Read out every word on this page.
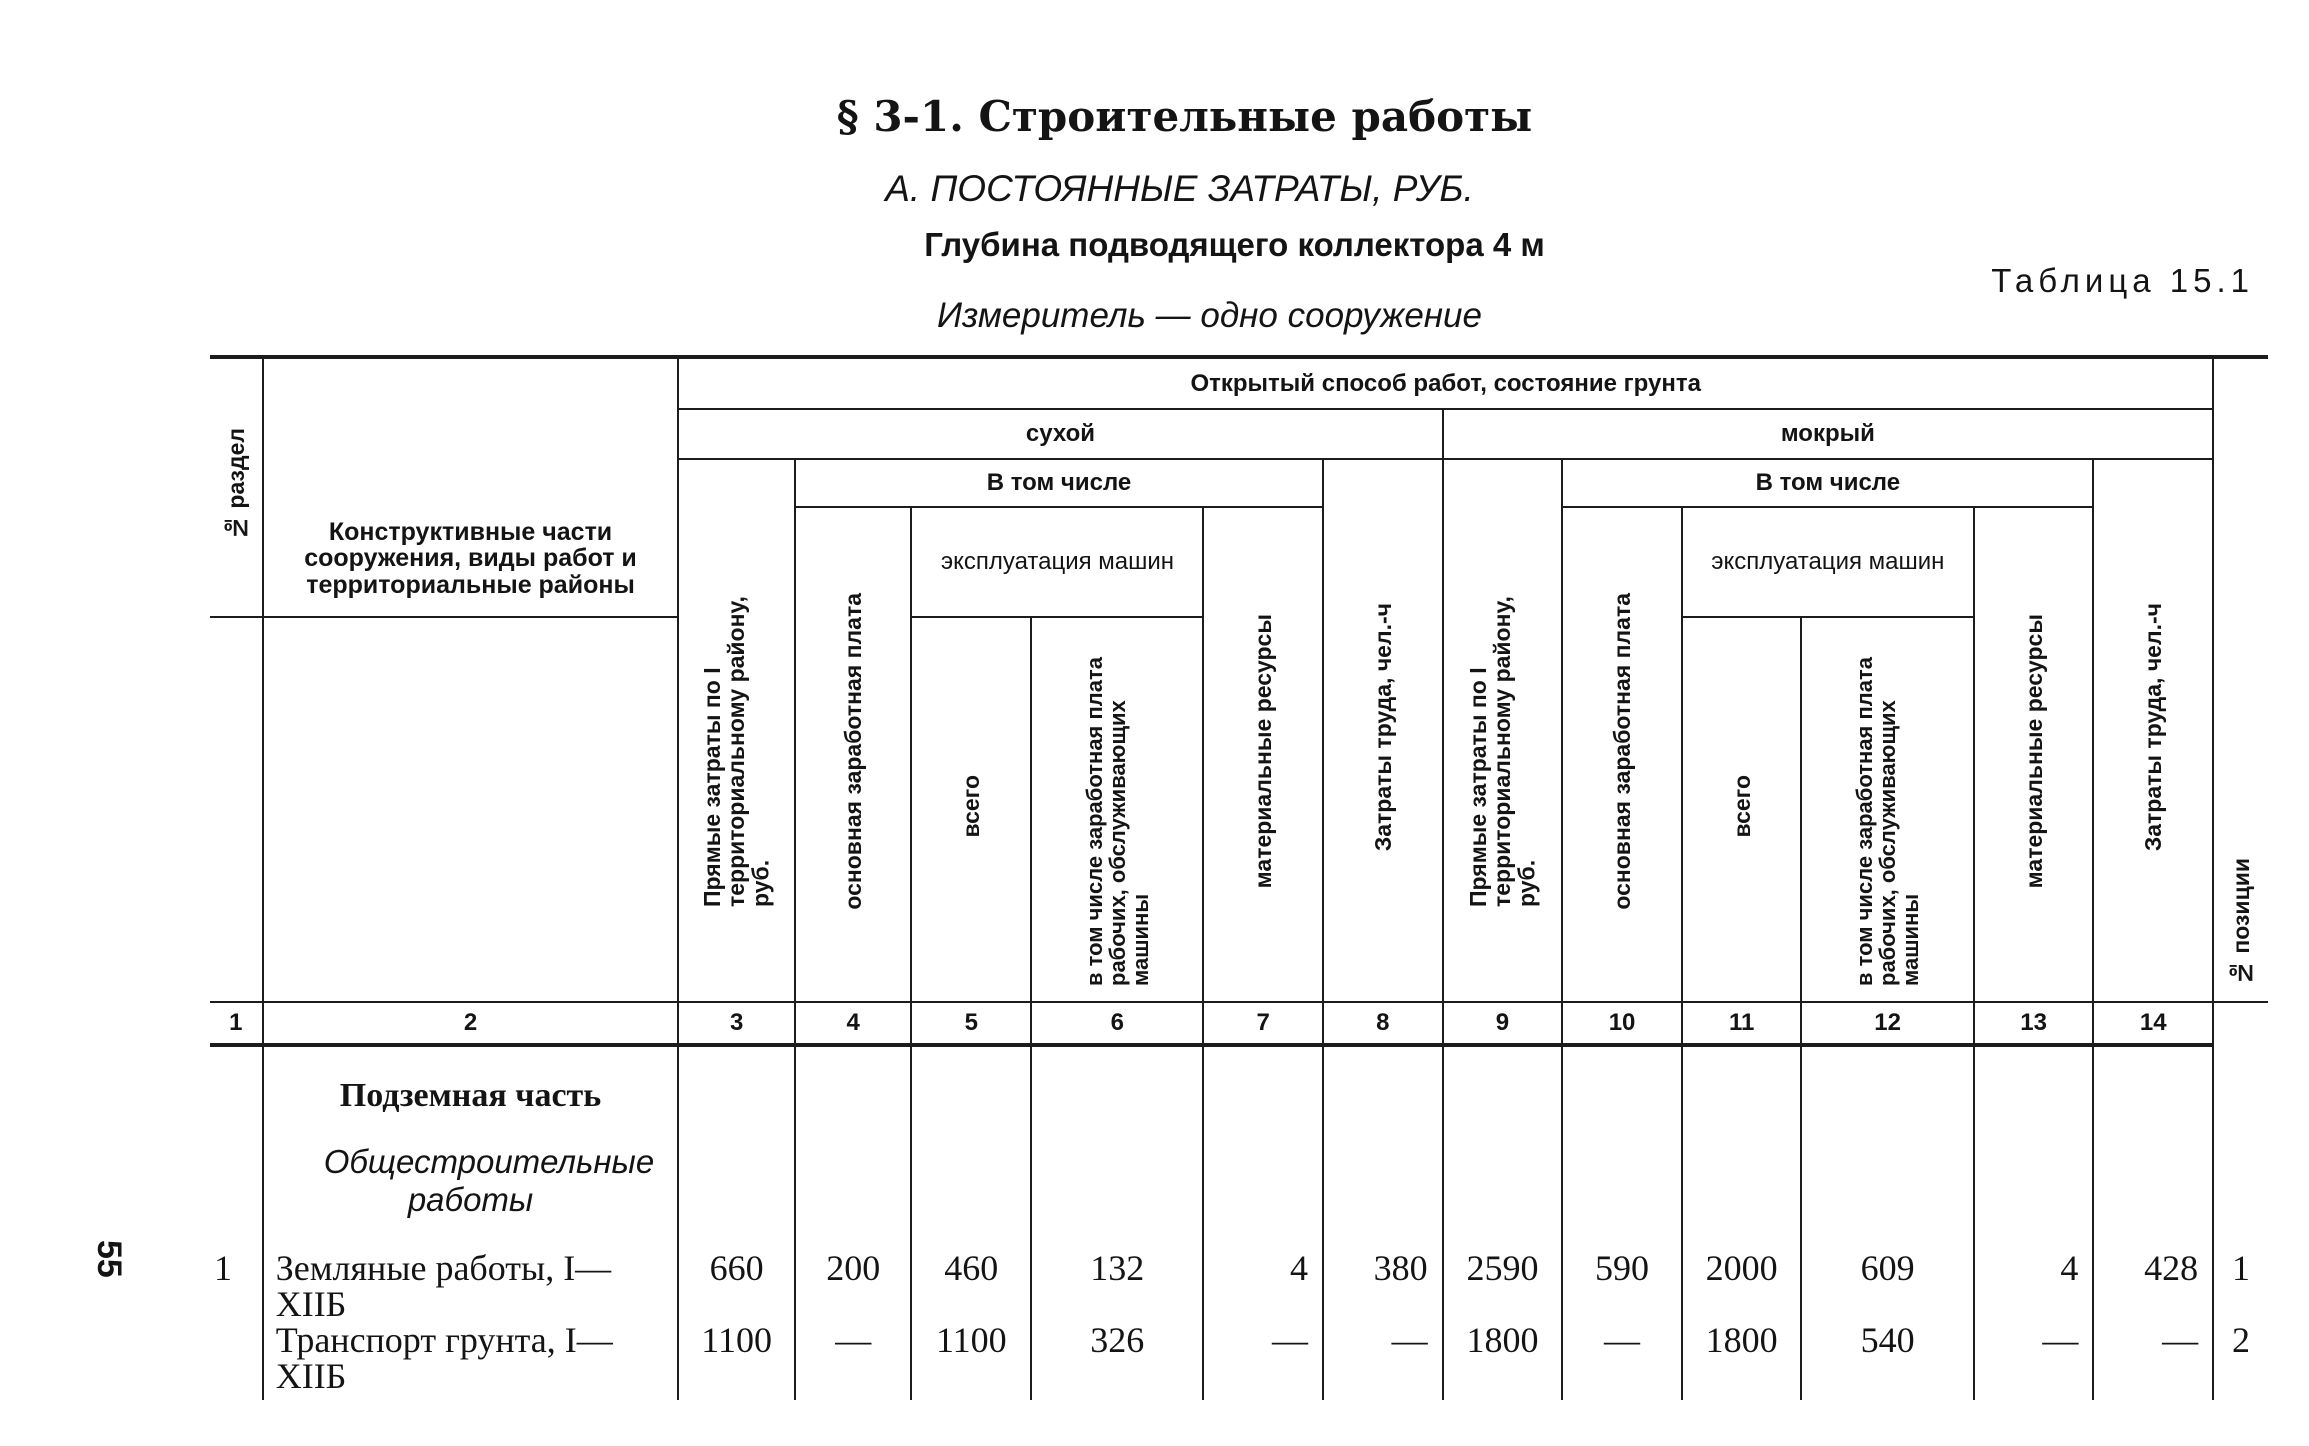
§ 3-1. Строительные работы
А. ПОСТОЯННЫЕ ЗАТРАТЫ, РУБ.
Глубина подводящего коллектора 4 м
Таблица 15.1
Измеритель — одно сооружение
55
№ раздел	Конструктивные части сооружения, виды работ и территориальные районы	Открытый способ работ, состояние грунта												№ позиции
		сухой						мокрый						
		Прямые затраты по I территориальному району, руб.	В том числе				Затраты труда, чел.-ч	Прямые затраты по I территориальному району, руб.	В том числе				Затраты труда, чел.-ч	
			основная заработная плата	эксплуатация машин		материальные ресурсы			основная заработная плата	эксплуатация машин		материальные ресурсы		
				всего	в том числе заработная плата рабочих, обслуживающих машины					всего	в том числе заработная плата рабочих, обслуживающих машины			
1	2	3	4	5	6	7	8	9	10	11	12	13	14	

	Подземная часть
Общестроительные работы													

1	Земляные работы, I—XIIБ	660	200	460	132	4	380	2590	590	2000	609	4	428	1
	Транспорт грунта, I—XIIБ	1100	—	1100	326	—	—	1800	—	1800	540	—	—	2
